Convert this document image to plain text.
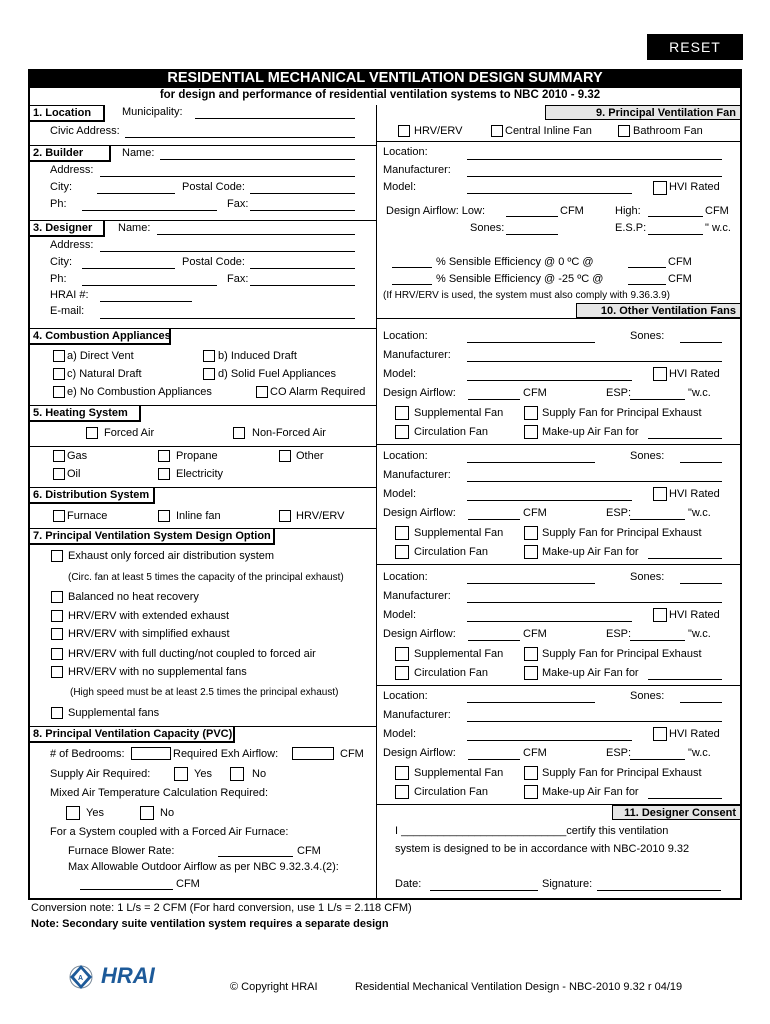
RESET
RESIDENTIAL MECHANICAL VENTILATION DESIGN SUMMARY
for design and performance of residential ventilation systems to NBC 2010 - 9.32
1. Location	Municipality:
Civic Address:
2. Builder	Name:
Address:
City:	Postal Code:
Ph:	Fax:
3. Designer	Name:
Address:
City:	Postal Code:
Ph:	Fax:
HRAI #:
E-mail:
4. Combustion Appliances
a) Direct Vent	b) Induced Draft
c) Natural Draft	d) Solid Fuel Appliances
e) No Combustion Appliances	CO Alarm Required
5. Heating System
Forced Air	Non-Forced Air
Gas	Propane	Other
Oil	Electricity
6. Distribution System
Furnace	Inline fan	HRV/ERV
7. Principal Ventilation System Design Option
Exhaust only forced air distribution system
(Circ. fan at least 5 times the capacity of the principal exhaust)
Balanced no heat recovery
HRV/ERV with extended exhaust
HRV/ERV with simplified exhaust
HRV/ERV with full ducting/not coupled to forced air
HRV/ERV with no supplemental fans
(High speed must be at least 2.5 times the principal exhaust)
Supplemental fans
8. Principal Ventilation Capacity (PVC)
# of Bedrooms:	Required Exh Airflow:	CFM
Supply Air Required:	Yes	No
Mixed Air Temperature Calculation Required:
Yes	No
For a System coupled with a Forced Air Furnace:
Furnace Blower Rate:	CFM
Max Allowable Outdoor Airflow as per NBC 9.32.3.4.(2):
CFM
9. Principal Ventilation Fan
HRV/ERV	Central Inline Fan	Bathroom Fan
Location:
Manufacturer:
Model:	HVI Rated
Design Airflow: Low:	CFM	High:	CFM
Sones:	E.S.P:	" w.c.
% Sensible Efficiency @ 0 ºC @	CFM
% Sensible Efficiency @ -25 ºC @	CFM
(If HRV/ERV is used, the system must also comply with 9.36.3.9)
10. Other Ventilation Fans
Location:	Sones:
Manufacturer:
Model:	HVI Rated
Design Airflow:	CFM	ESP:	"w.c.
Supplemental Fan	Supply Fan for Principal Exhaust
Circulation Fan	Make-up Air Fan for
Location:	Sones:
Manufacturer:
Model:	HVI Rated
Design Airflow:	CFM	ESP:	"w.c.
Supplemental Fan	Supply Fan for Principal Exhaust
Circulation Fan	Make-up Air Fan for
Location:	Sones:
Manufacturer:
Model:	HVI Rated
Design Airflow:	CFM	ESP:	"w.c.
Supplemental Fan	Supply Fan for Principal Exhaust
Circulation Fan	Make-up Air Fan for
Location:	Sones:
Manufacturer:
Model:	HVI Rated
Design Airflow:	CFM	ESP:	"w.c.
Supplemental Fan	Supply Fan for Principal Exhaust
Circulation Fan	Make-up Air Fan for
11. Designer Consent
I ___________________________certify this ventilation
system is designed to be in accordance with NBC-2010 9.32
Date:	Signature:
Conversion note: 1 L/s = 2 CFM (For hard conversion, use 1 L/s = 2.118 CFM)
Note: Secondary suite ventilation system requires a separate design
A HRAI	© Copyright HRAI	Residential Mechanical Ventilation Design - NBC-2010 9.32 r 04/19
